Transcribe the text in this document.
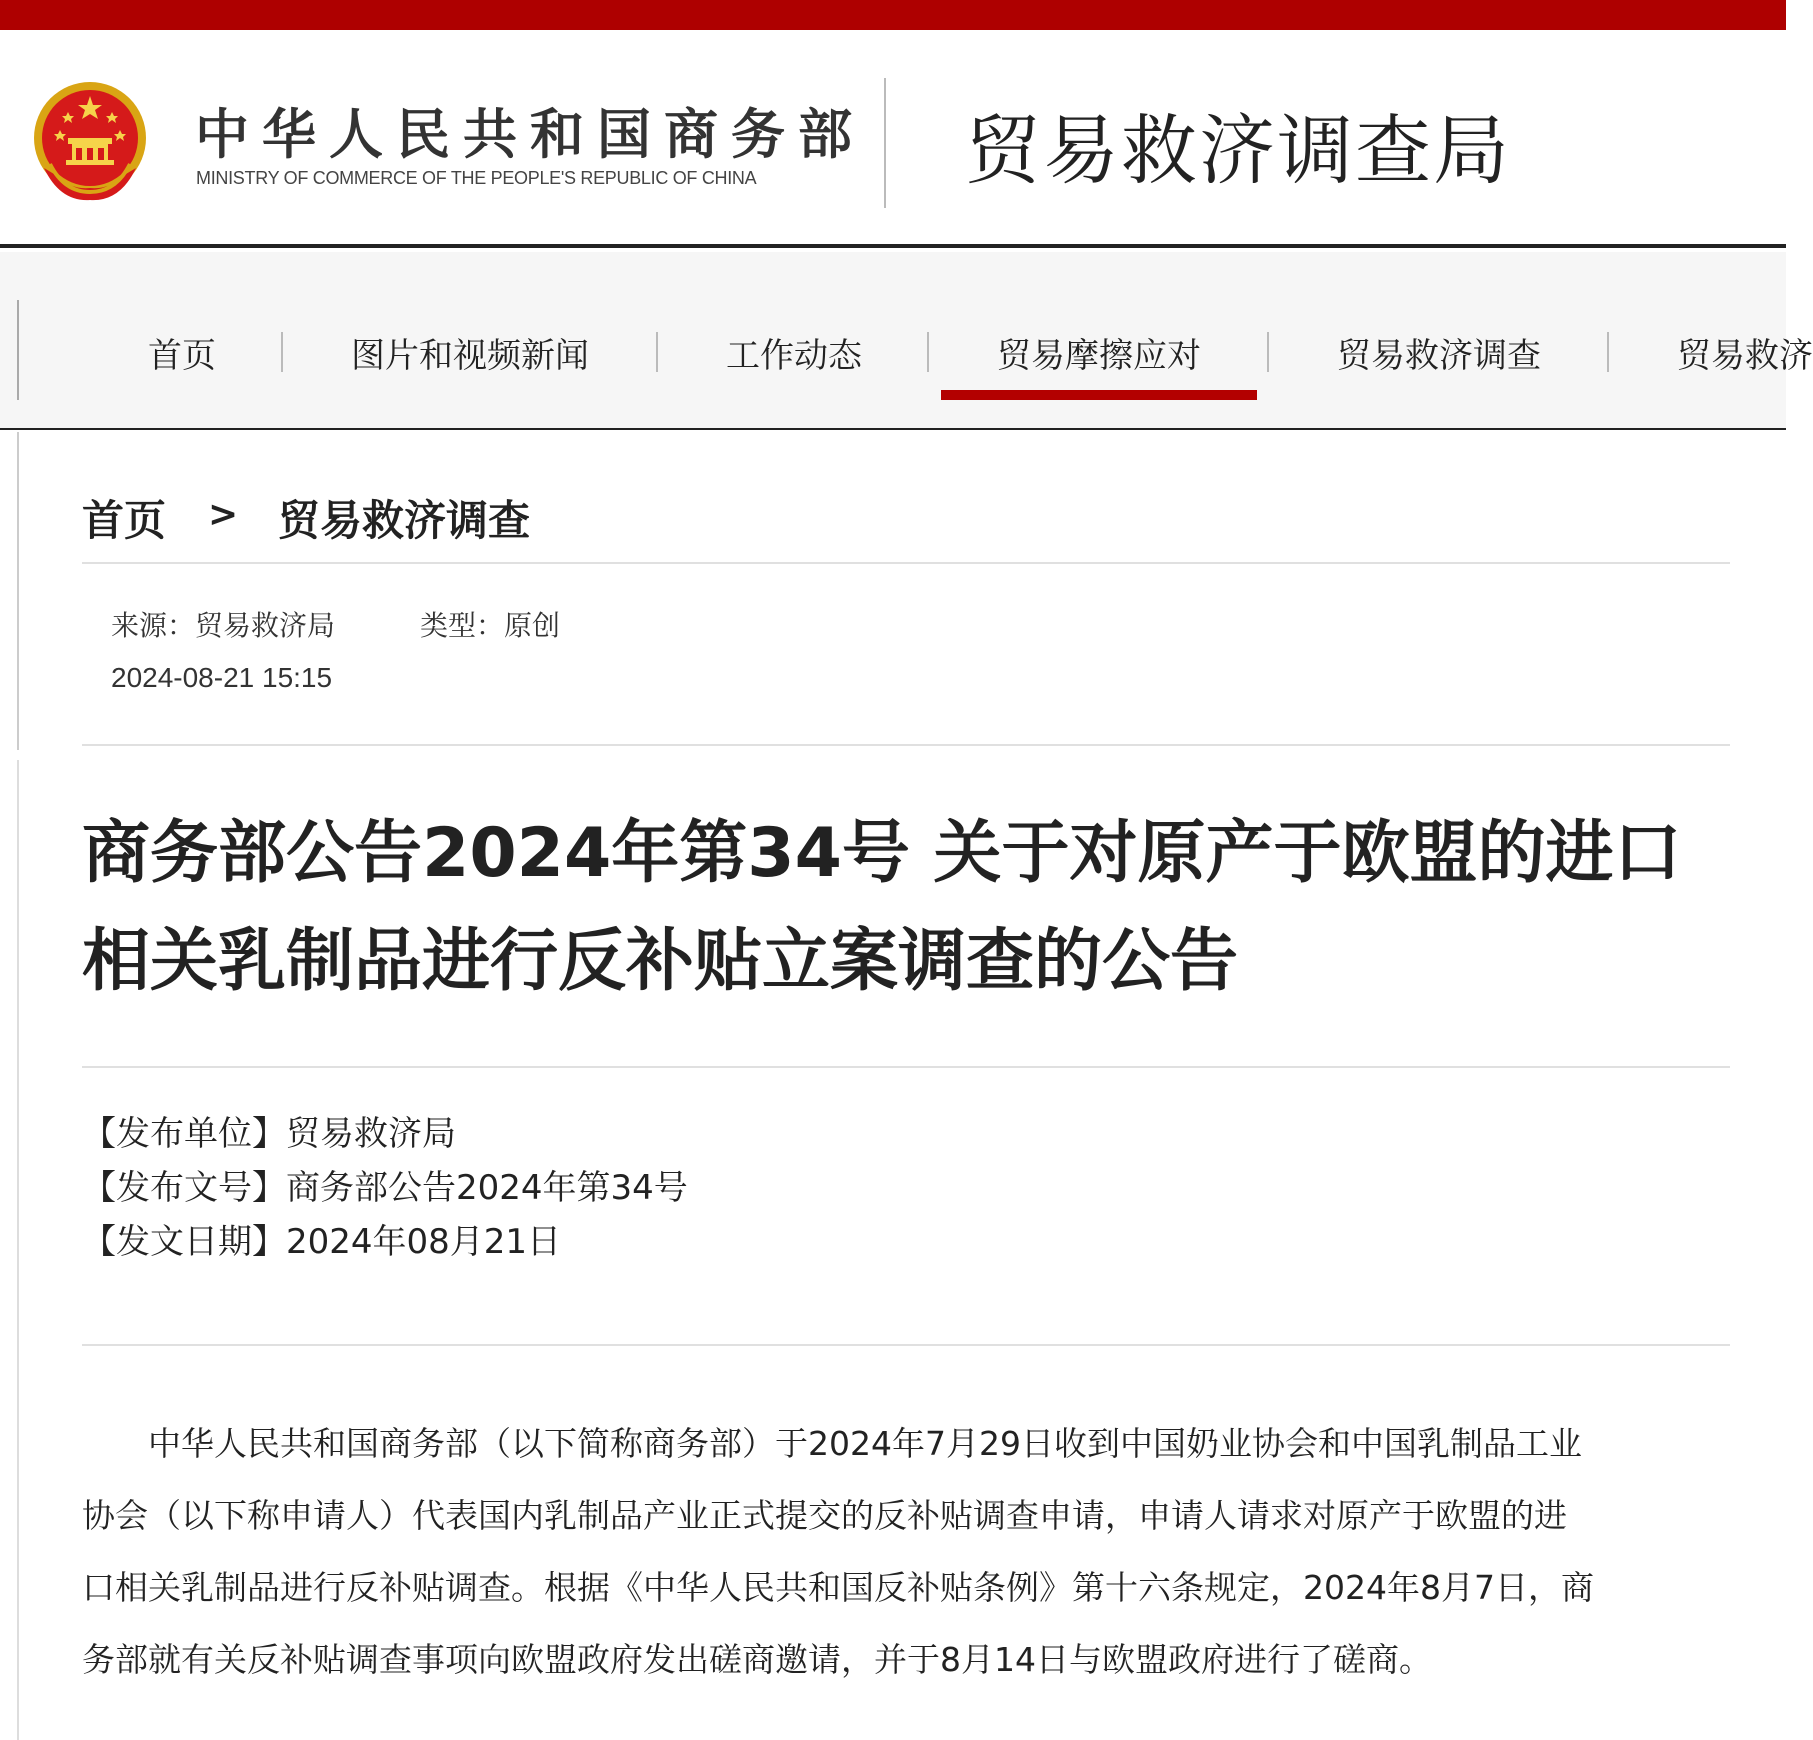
中华人民共和国商务部
MINISTRY OF COMMERCE OF THE PEOPLE'S REPUBLIC OF CHINA	贸易救济调查局
首页	图片和视频新闻	工作动态	贸易摩擦应对	贸易救济调查	贸易救济
首页 > 贸易救济调查
来源：贸易救济局	类型：原创
2024-08-21 15:15
商务部公告2024年第34号 关于对原产于欧盟的进口
相关乳制品进行反补贴立案调查的公告
【发布单位】贸易救济局
【发布文号】商务部公告2024年第34号
【发文日期】2024年08月21日
　　中华人民共和国商务部（以下简称商务部）于2024年7月29日收到中国奶业协会和中国乳制品工业
协会（以下称申请人）代表国内乳制品产业正式提交的反补贴调查申请，申请人请求对原产于欧盟的进
口相关乳制品进行反补贴调查。根据《中华人民共和国反补贴条例》第十六条规定，2024年8月7日，商
务部就有关反补贴调查事项向欧盟政府发出磋商邀请，并于8月14日与欧盟政府进行了磋商。
